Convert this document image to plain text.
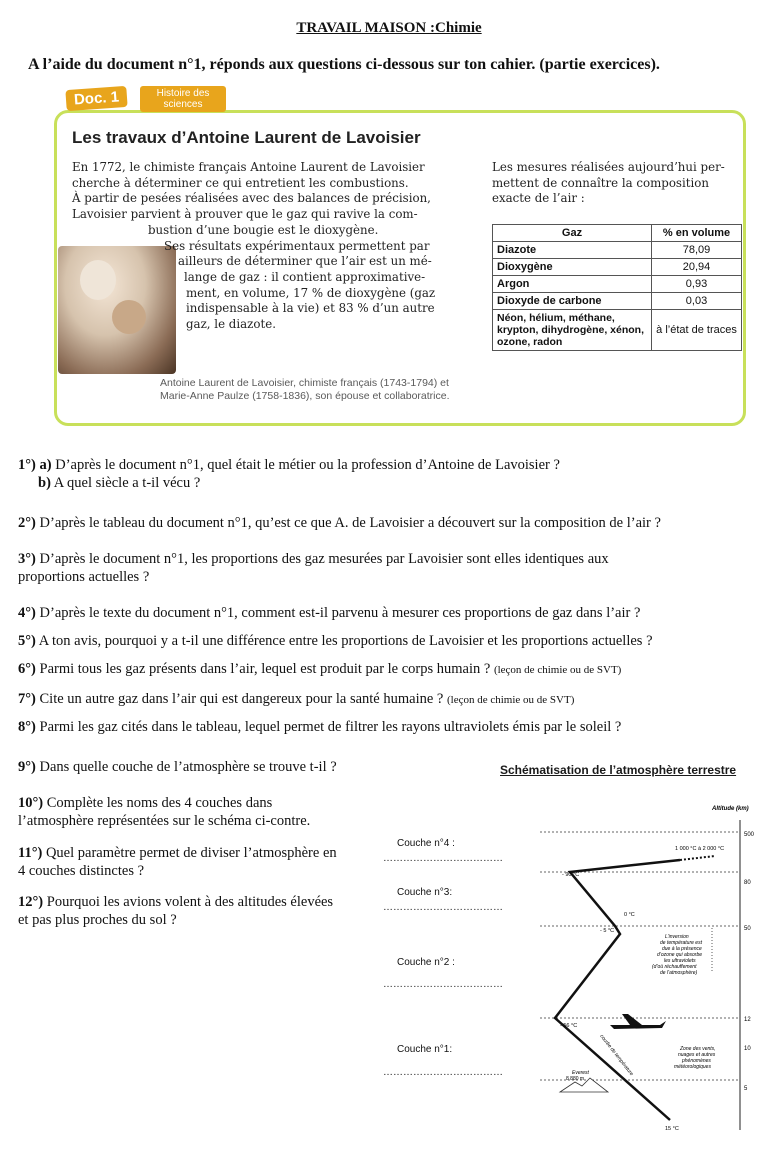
TRAVAIL MAISON :Chimie
A l’aide du document n°1, réponds aux questions ci-dessous sur ton cahier. (partie exercices).
Doc. 1	Histoire des sciences
Les travaux d’Antoine Laurent de Lavoisier
En 1772, le chimiste français Antoine Laurent de Lavoisier
cherche à déterminer ce qui entretient les combustions.
À partir de pesées réalisées avec des balances de précision,
Lavoisier parvient à prouver que le gaz qui ravive la com-
bustion d’une bougie est le dioxygène.
Ses résultats expérimentaux permettent par
ailleurs de déterminer que l’air est un mé-
lange de gaz : il contient approximative-
ment, en volume, 17 % de dioxygène (gaz
indispensable à la vie) et 83 % d’un autre
gaz, le diazote.
Antoine Laurent de Lavoisier, chimiste français (1743-1794) et
Marie-Anne Paulze (1758-1836), son épouse et collaboratrice.
Les mesures réalisées aujourd’hui per-
mettent de connaître la composition
exacte de l’air :
Gaz	% en volume
Diazote	78,09
Dioxygène	20,94
Argon	0,93
Dioxyde de carbone	0,03
Néon, hélium, méthane, krypton, dihydrogène, xénon, ozone, radon	à l’état de traces
1°) a) D’après le document n°1, quel était le métier ou la profession d’Antoine de Lavoisier ?
b) A quel siècle a t-il vécu ?
2°) D’après le tableau du document n°1, qu’est ce que A. de Lavoisier a découvert sur la composition de l’air ?
3°) D’après le document n°1, les proportions des gaz mesurées par Lavoisier sont elles identiques aux
proportions actuelles ?
4°) D’après le texte du document n°1, comment est-il parvenu à mesurer ces proportions de gaz dans l’air ?
5°) A ton avis, pourquoi y a t-il une différence entre les proportions de Lavoisier et les proportions actuelles ?
6°) Parmi tous les gaz présents dans l’air, lequel est produit par le corps humain ? (leçon de chimie ou de SVT)
7°) Cite un autre gaz dans l’air qui est dangereux pour la santé humaine ? (leçon de chimie ou de SVT)
8°) Parmi les gaz cités dans le tableau, lequel permet de filtrer les rayons ultraviolets émis par le soleil ?
9°) Dans quelle couche de l’atmosphère se trouve t-il ?
10°) Complète les noms des 4 couches dans
l’atmosphère représentées sur le schéma ci-contre.
11°) Quel paramètre permet de diviser l’atmosphère en
4 couches distinctes ?
12°) Pourquoi les avions volent à des altitudes élevées
et pas plus proches du sol ?
Schématisation de l’atmosphère terrestre
Couche n°4 :
………………………………
Couche n°3:
………………………………
Couche n°2 :
………………………………
Couche n°1:
………………………………
Altitude (km)
500
80
50
12
10
5
1 000 °C à 2 000 °C
- 90 °C
0 °C
- 5 °C
- 56 °C
15 °C
L’inversion
de température est
due à la présence
d’ozone qui absorbe
les ultraviolets
(d’où réchauffement
de l’atmosphère)
Zone des vents,
nuages et autres
phénomènes
météorologiques
Everest
8 880 m
courbe de température
